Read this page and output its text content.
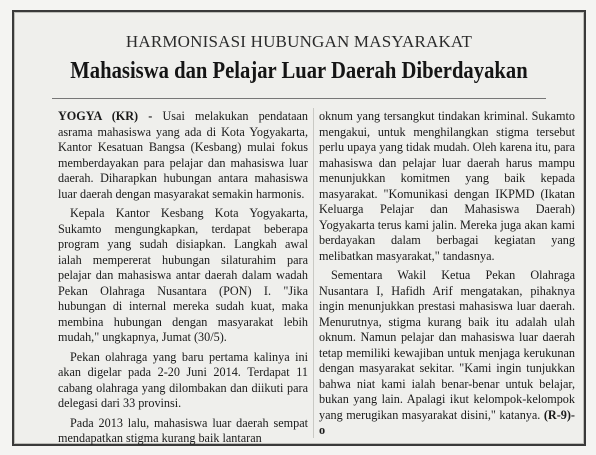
HARMONISASI HUBUNGAN MASYARAKAT
Mahasiswa dan Pelajar Luar Daerah Diberdayakan

YOGYA (KR) - Usai melakukan pendataan asrama mahasiswa yang ada di Kota Yogyakarta, Kantor Kesatuan Bangsa (Kesbang) mulai fokus memberdayakan para pelajar dan mahasiswa luar daerah. Diharapkan hubungan antara mahasiswa luar daerah dengan masyarakat semakin harmonis.

Kepala Kantor Kesbang Kota Yogyakarta, Sukamto mengungkapkan, terdapat beberapa program yang sudah disiapkan. Langkah awal ialah mempererat hubungan silaturahim para pelajar dan mahasiswa antar daerah dalam wadah Pekan Olahraga Nusantara (PON) I. "Jika hubungan di internal mereka sudah kuat, maka membina hubungan dengan masyarakat lebih mudah," ungkapnya, Jumat (30/5).

Pekan olahraga yang baru pertama kalinya ini akan digelar pada 2-20 Juni 2014. Terdapat 11 cabang olahraga yang dilombakan dan diikuti para delegasi dari 33 provinsi.

Pada 2013 lalu, mahasiswa luar daerah sempat mendapatkan stigma kurang baik lantaran

oknum yang tersangkut tindakan kriminal. Sukamto mengakui, untuk menghilangkan stigma tersebut perlu upaya yang tidak mudah. Oleh karena itu, para mahasiswa dan pelajar luar daerah harus mampu menunjukkan komitmen yang baik kepada masyarakat. "Komunikasi dengan IKPMD (Ikatan Keluarga Pelajar dan Mahasiswa Daerah) Yogyakarta terus kami jalin. Mereka juga akan kami berdayakan dalam berbagai kegiatan yang melibatkan masyarakat," tandasnya.

Sementara Wakil Ketua Pekan Olahraga Nusantara I, Hafidh Arif mengatakan, pihaknya ingin menunjukkan prestasi mahasiswa luar daerah. Menurutnya, stigma kurang baik itu adalah ulah oknum. Namun pelajar dan mahasiswa luar daerah tetap memiliki kewajiban untuk menjaga kerukunan dengan masyarakat sekitar. "Kami ingin tunjukkan bahwa niat kami ialah benar-benar untuk belajar, bukan yang lain. Apalagi ikut kelompok-kelompok yang merugikan masyarakat disini," katanya. (R-9)-o
